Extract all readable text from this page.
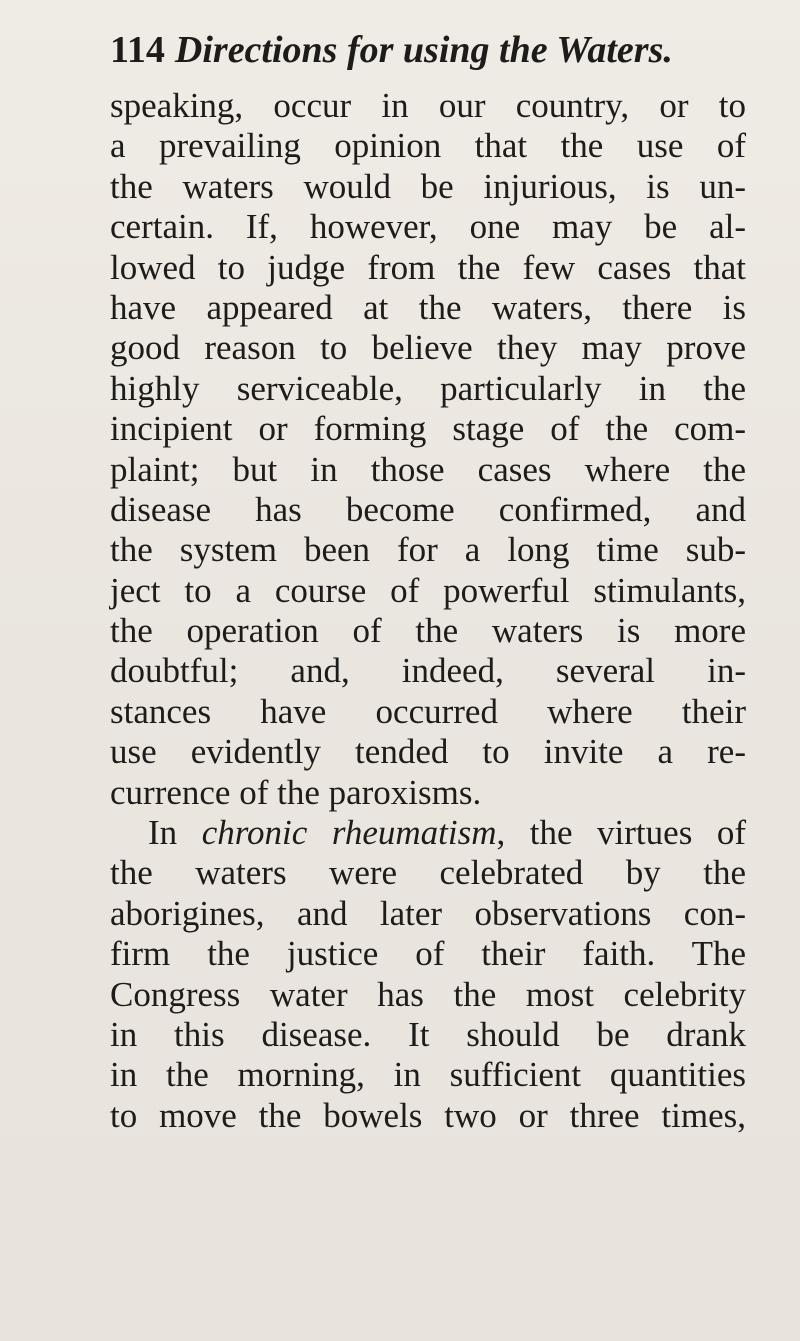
114 Directions for using the Waters.
speaking, occur in our country, or to
a prevailing opinion that the use of
the waters would be injurious, is un-
certain. If, however, one may be al-
lowed to judge from the few cases that
have appeared at the waters, there is
good reason to believe they may prove
highly serviceable, particularly in the
incipient or forming stage of the com-
plaint; but in those cases where the
disease has become confirmed, and
the system been for a long time sub-
ject to a course of powerful stimulants,
the operation of the waters is more
doubtful; and, indeed, several in-
stances have occurred where their
use evidently tended to invite a re-
currence of the paroxisms.
In chronic rheumatism, the virtues of
the waters were celebrated by the
aborigines, and later observations con-
firm the justice of their faith. The
Congress water has the most celebrity
in this disease. It should be drank
in the morning, in sufficient quantities
to move the bowels two or three times,
